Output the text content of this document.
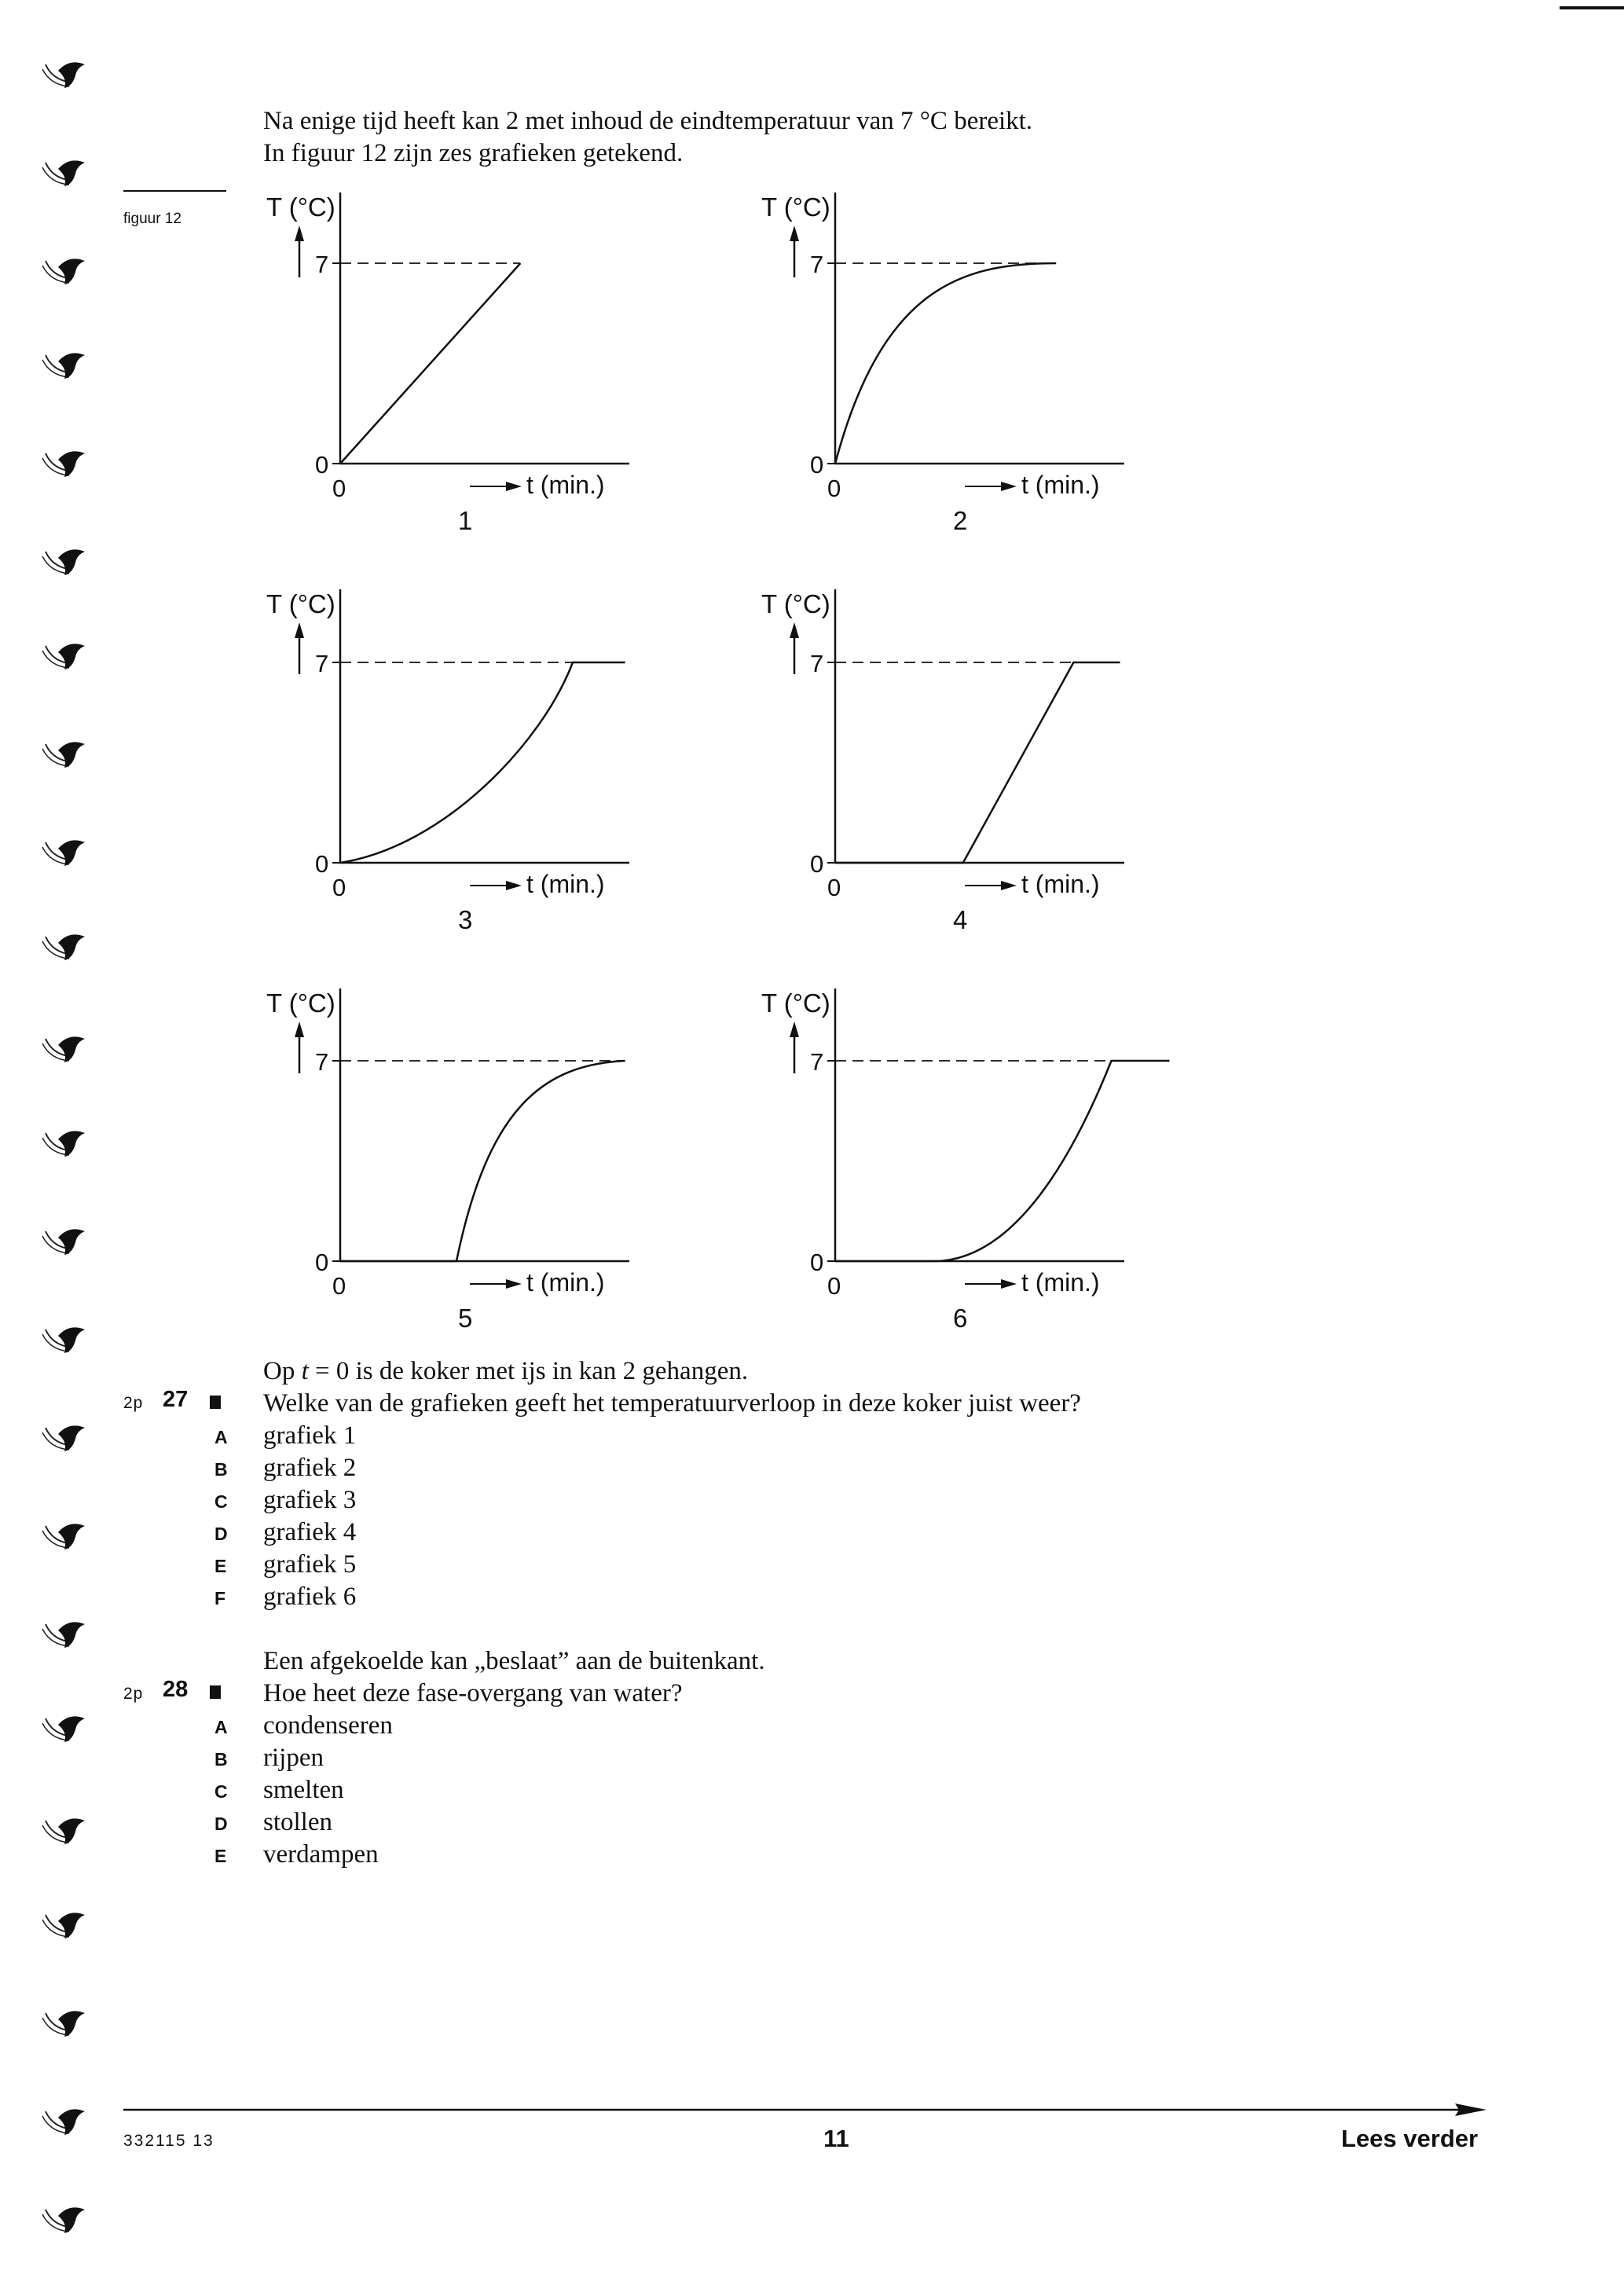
Na enige tijd heeft kan 2 met inhoud de eindtemperatuur van 7 °C bereikt.
In figuur 12 zijn zes grafieken getekend.
figuur 12	T (°C)
7
0
0	t (min.)
1
T (°C)
7
0
0	t (min.)
2
T (°C)
7
0
0	t (min.)
3
T (°C)
7
0
0	t (min.)
4
T (°C)
7
0
0	t (min.)
5
T (°C)
7
0
0	t (min.)
6
Op t = 0 is de koker met ijs in kan 2 gehangen.
2p 27	Welke van de grafieken geeft het temperatuurverloop in deze koker juist weer?
A grafiek 1
B grafiek 2
C grafiek 3
D grafiek 4
E grafiek 5
F grafiek 6
Een afgekoelde kan „beslaat” aan de buitenkant.
2p 28	Hoe heet deze fase-overgang van water?
A condenseren
B rijpen
C smelten
D stollen
E verdampen
332115 13	11	Lees verder
